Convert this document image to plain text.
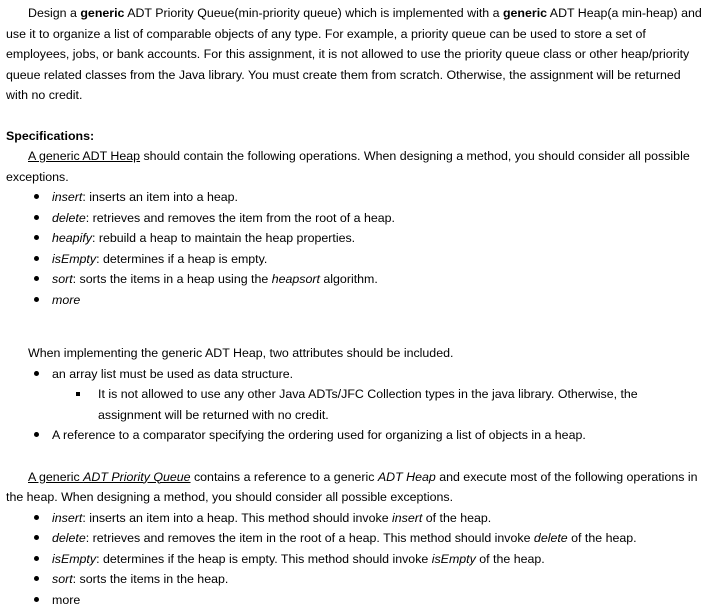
Design a generic ADT Priority Queue(min-priority queue) which is implemented with a generic ADT Heap(a min-heap) and use it to organize a list of comparable objects of any type. For example, a priority queue can be used to store a set of employees, jobs, or bank accounts. For this assignment, it is not allowed to use the priority queue class or other heap/priority queue related classes from the Java library. You must create them from scratch. Otherwise, the assignment will be returned with no credit.

Specifications:

A generic ADT Heap should contain the following operations. When designing a method, you should consider all possible exceptions.

insert: inserts an item into a heap.
delete: retrieves and removes the item from the root of a heap.
heapify: rebuild a heap to maintain the heap properties.
isEmpty: determines if a heap is empty.
sort: sorts the items in a heap using the heapsort algorithm.
more

When implementing the generic ADT Heap, two attributes should be included.

an array list must be used as data structure.
It is not allowed to use any other Java ADTs/JFC Collection types in the java library. Otherwise, the assignment will be returned with no credit.
A reference to a comparator specifying the ordering used for organizing a list of objects in a heap.

A generic ADT Priority Queue contains a reference to a generic ADT Heap and execute most of the following operations in the heap. When designing a method, you should consider all possible exceptions.

insert: inserts an item into a heap. This method should invoke insert of the heap.
delete: retrieves and removes the item in the root of a heap. This method should invoke delete of the heap.
isEmpty: determines if the heap is empty. This method should invoke isEmpty of the heap.
sort: sorts the items in the heap.
more
